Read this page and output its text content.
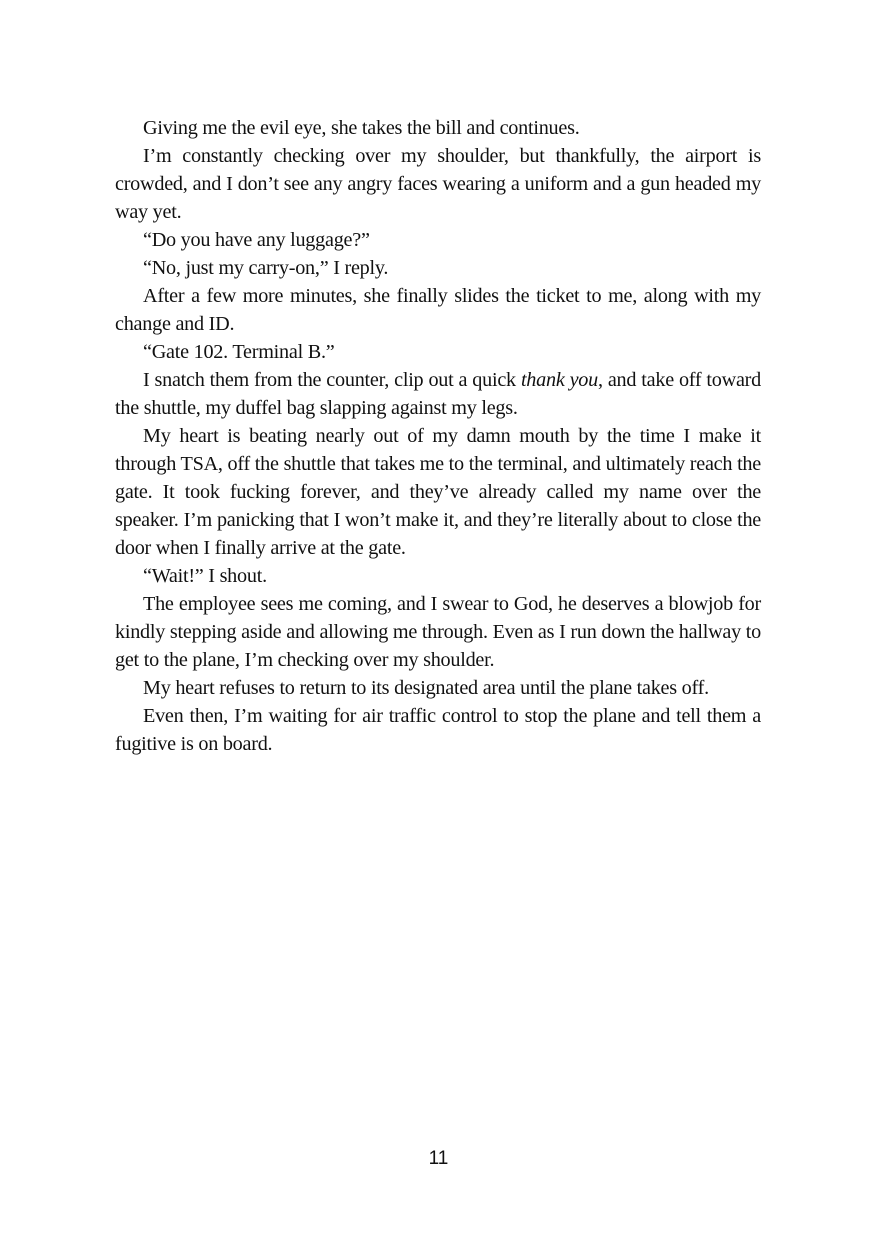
Giving me the evil eye, she takes the bill and continues.

I’m constantly checking over my shoulder, but thankfully, the airport is crowded, and I don’t see any angry faces wearing a uniform and a gun headed my way yet.

“Do you have any luggage?”

“No, just my carry-on,” I reply.

After a few more minutes, she finally slides the ticket to me, along with my change and ID.

“Gate 102. Terminal B.”

I snatch them from the counter, clip out a quick thank you, and take off toward the shuttle, my duffel bag slapping against my legs.

My heart is beating nearly out of my damn mouth by the time I make it through TSA, off the shuttle that takes me to the terminal, and ultimately reach the gate. It took fucking forever, and they’ve already called my name over the speaker. I’m panicking that I won’t make it, and they’re literally about to close the door when I finally arrive at the gate.

“Wait!” I shout.

The employee sees me coming, and I swear to God, he deserves a blowjob for kindly stepping aside and allowing me through. Even as I run down the hallway to get to the plane, I’m checking over my shoulder.

My heart refuses to return to its designated area until the plane takes off.

Even then, I’m waiting for air traffic control to stop the plane and tell them a fugitive is on board.

11
